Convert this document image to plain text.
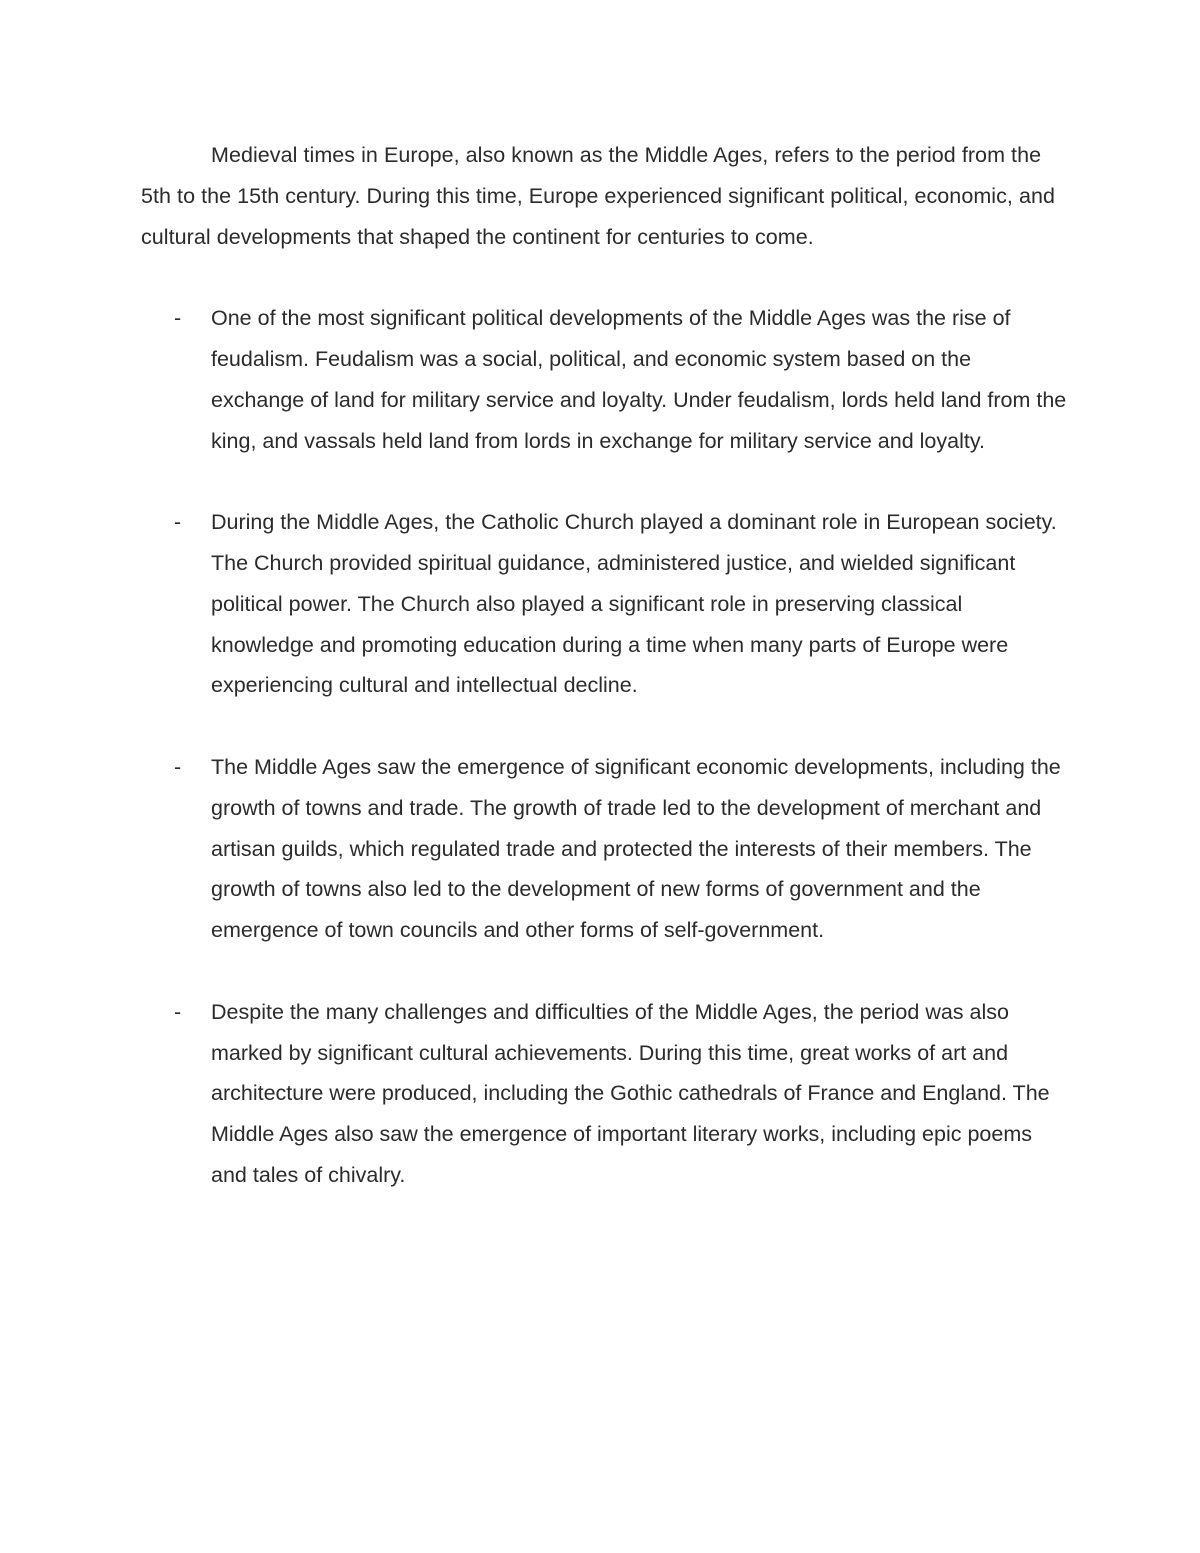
Medieval times in Europe, also known as the Middle Ages, refers to the period from the 5th to the 15th century. During this time, Europe experienced significant political, economic, and cultural developments that shaped the continent for centuries to come.

- One of the most significant political developments of the Middle Ages was the rise of feudalism. Feudalism was a social, political, and economic system based on the exchange of land for military service and loyalty. Under feudalism, lords held land from the king, and vassals held land from lords in exchange for military service and loyalty.
- During the Middle Ages, the Catholic Church played a dominant role in European society. The Church provided spiritual guidance, administered justice, and wielded significant political power. The Church also played a significant role in preserving classical knowledge and promoting education during a time when many parts of Europe were experiencing cultural and intellectual decline.
- The Middle Ages saw the emergence of significant economic developments, including the growth of towns and trade. The growth of trade led to the development of merchant and artisan guilds, which regulated trade and protected the interests of their members. The growth of towns also led to the development of new forms of government and the emergence of town councils and other forms of self-government.
- Despite the many challenges and difficulties of the Middle Ages, the period was also marked by significant cultural achievements. During this time, great works of art and architecture were produced, including the Gothic cathedrals of France and England. The Middle Ages also saw the emergence of important literary works, including epic poems and tales of chivalry.
